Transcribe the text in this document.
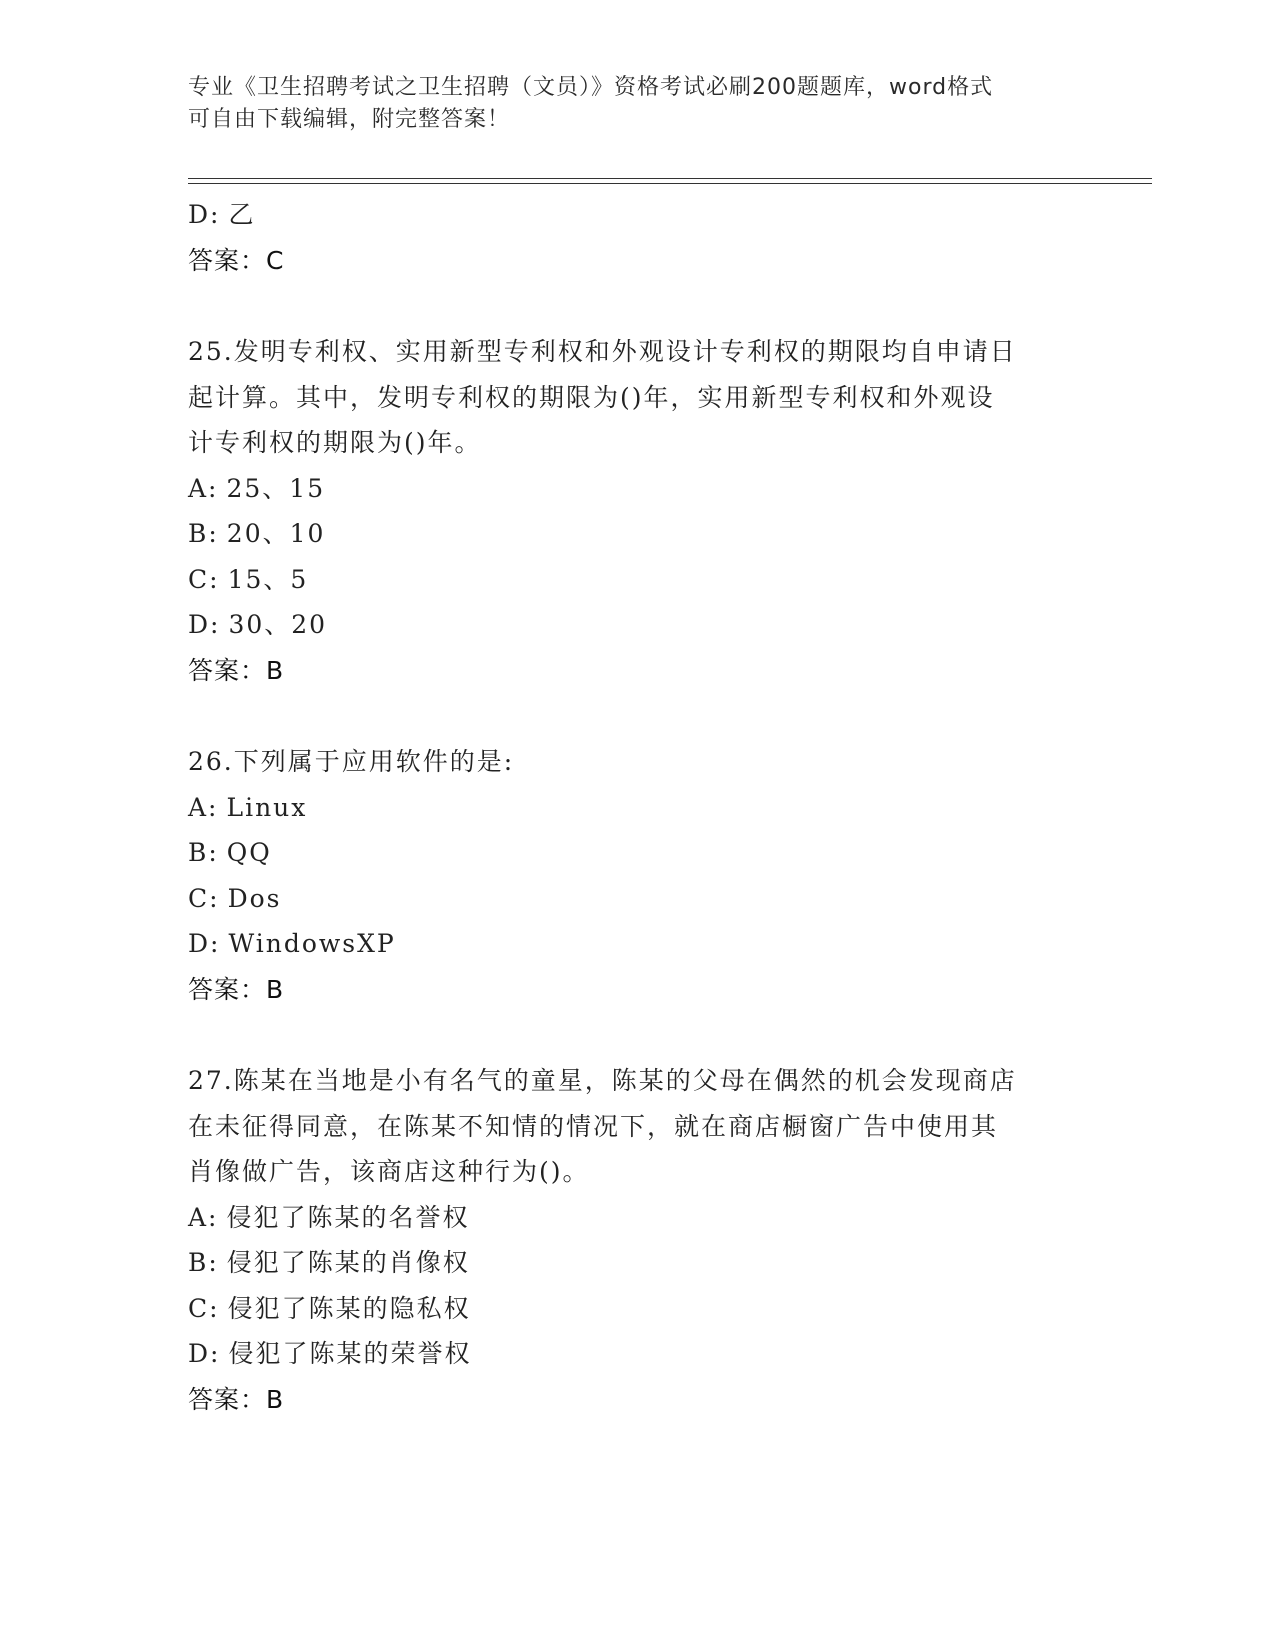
专业《卫生招聘考试之卫生招聘（文员）》资格考试必刷200题题库，word格式
可自由下载编辑，附完整答案！
D: 乙
答案：C
25.发明专利权、实用新型专利权和外观设计专利权的期限均自申请日
起计算。其中，发明专利权的期限为()年，实用新型专利权和外观设
计专利权的期限为()年。
A: 25、15
B: 20、10
C: 15、5
D: 30、20
答案：B
26.下列属于应用软件的是:
A: Linux
B: QQ
C: Dos
D: WindowsXP
答案：B
27.陈某在当地是小有名气的童星，陈某的父母在偶然的机会发现商店
在未征得同意，在陈某不知情的情况下，就在商店橱窗广告中使用其
肖像做广告，该商店这种行为()。
A: 侵犯了陈某的名誉权
B: 侵犯了陈某的肖像权
C: 侵犯了陈某的隐私权
D: 侵犯了陈某的荣誉权
答案：B
